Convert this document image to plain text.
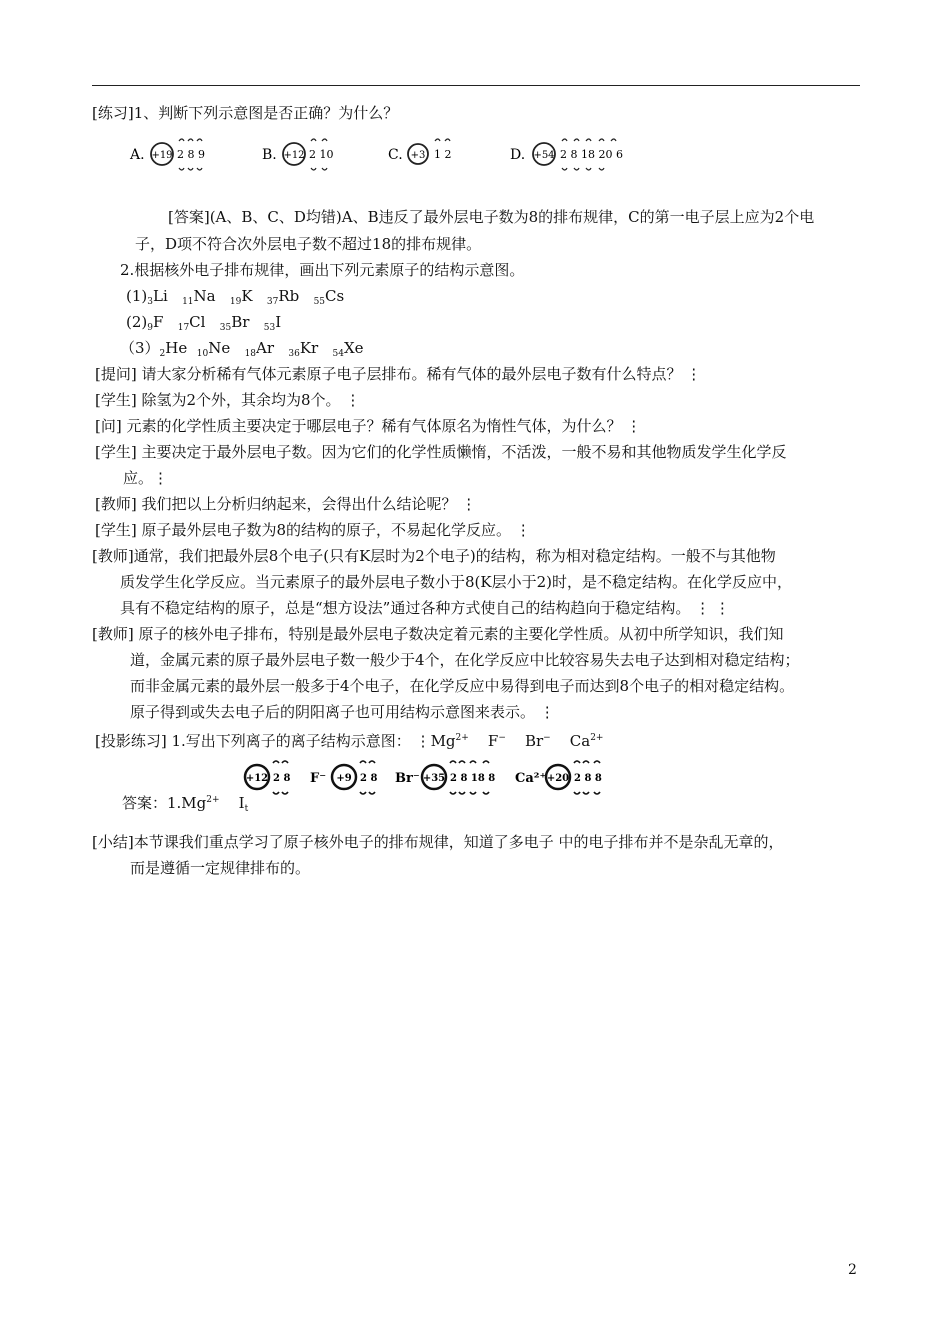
[练习]1、判断下列示意图是否正确？为什么？
A. +19 2 8 9	B. +12 2 10	C. +3 1 2	D. +54 2 8 18 20 6
[答案](A、B、C、D均错)A、B违反了最外层电子数为8的排布规律，C的第一电子层上应为2个电
子，D项不符合次外层电子数不超过18的排布规律。
2.根据核外电子排布规律，画出下列元素原子的结构示意图。
$(1)_3Li$ $_{11}$Na $_{19}$K $_{37}$Rb $_{55}$Cs
$(2)_9F$ $_{17}$Cl $_{35}$Br $_{53}$I
$(3)_2He$ $_{10}$Ne $_{18}$Ar $_{36}$Kr $_{54}$Xe
[提问] 请大家分析稀有气体元素原子电子层排布。稀有气体的最外层电子数有什么特点？ ⋮
[学生] 除氢为2个外，其余均为8个。 ⋮
[问] 元素的化学性质主要决定于哪层电子？稀有气体原名为惰性气体，为什么？ ⋮
[学生] 主要决定于最外层电子数。因为它们的化学性质懒惰，不活泼，一般不易和其他物质发学生化学反
应。⋮
[教师] 我们把以上分析归纳起来，会得出什么结论呢？ ⋮
[学生] 原子最外层电子数为8的结构的原子，不易起化学反应。 ⋮
[教师]通常，我们把最外层8个电子(只有K层时为2个电子)的结构，称为相对稳定结构。一般不与其他物
质发学生化学反应。当元素原子的最外层电子数小于8(K层小于2)时，是不稳定结构。在化学反应中，
具有不稳定结构的原子，总是“想方设法”通过各种方式使自己的结构趋向于稳定结构。 ⋮ ⋮
[教师] 原子的核外电子排布，特别是最外层电子数决定着元素的主要化学性质。从初中所学知识，我们知
道，金属元素的原子最外层电子数一般少于4个，在化学反应中比较容易失去电子达到相对稳定结构；
而非金属元素的最外层一般多于4个电子，在化学反应中易得到电子而达到8个电子的相对稳定结构。
原子得到或失去电子后的阴阳离子也可用结构示意图来表示。 ⋮
[投影练习] 1.写出下列离子的离子结构示意图： $⋮Mg^{2+}$ F− Br− $Ca^{2+}$
答案：$1.Mg^{2+}$ $I_t$
+12 2 8 F⁻ +9 2 8 Br⁻ +35 2 8 18 8 Ca²⁺ +20 2 8 8
[小结]本节课我们重点学习了原子核外电子的排布规律，知道了多电子 中的电子排布并不是杂乱无章的，
而是遵循一定规律排布的。
2
